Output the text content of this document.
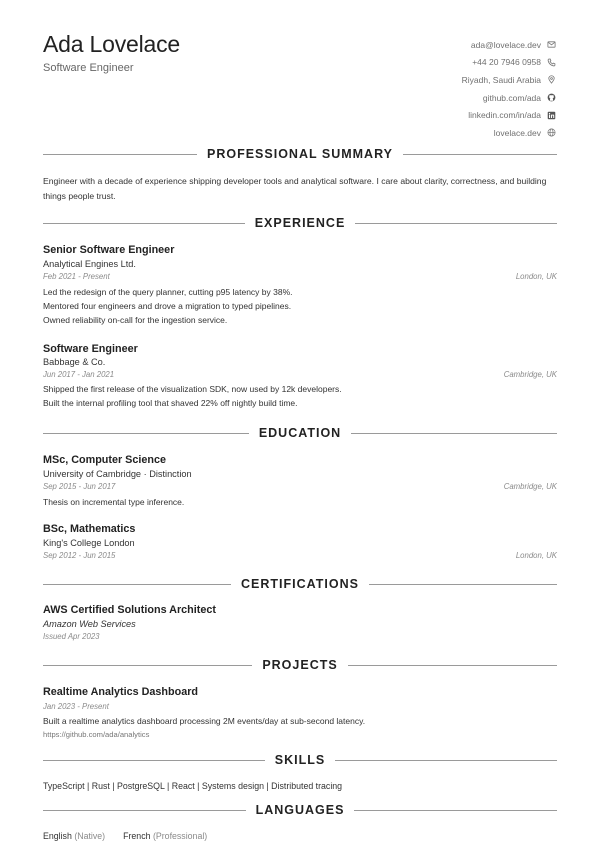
Ada Lovelace
Software Engineer
ada@lovelace.dev
+44 20 7946 0958
Riyadh, Saudi Arabia
github.com/ada
linkedin.com/in/ada
lovelace.dev
PROFESSIONAL SUMMARY
Engineer with a decade of experience shipping developer tools and analytical software. I care about clarity, correctness, and building things people trust.
EXPERIENCE
Senior Software Engineer
Analytical Engines Ltd.
Feb 2021 - Present	London, UK
Led the redesign of the query planner, cutting p95 latency by 38%.
Mentored four engineers and drove a migration to typed pipelines.
Owned reliability on-call for the ingestion service.
Software Engineer
Babbage & Co.
Jun 2017 - Jan 2021	Cambridge, UK
Shipped the first release of the visualization SDK, now used by 12k developers.
Built the internal profiling tool that shaved 22% off nightly build time.
EDUCATION
MSc, Computer Science
University of Cambridge · Distinction
Sep 2015 - Jun 2017	Cambridge, UK
Thesis on incremental type inference.
BSc, Mathematics
King's College London
Sep 2012 - Jun 2015	London, UK
CERTIFICATIONS
AWS Certified Solutions Architect
Amazon Web Services
Issued Apr 2023
PROJECTS
Realtime Analytics Dashboard
Jan 2023 - Present
Built a realtime analytics dashboard processing 2M events/day at sub-second latency.
https://github.com/ada/analytics
SKILLS
TypeScript | Rust | PostgreSQL | React | Systems design | Distributed tracing
LANGUAGES
English (Native) French (Professional)
